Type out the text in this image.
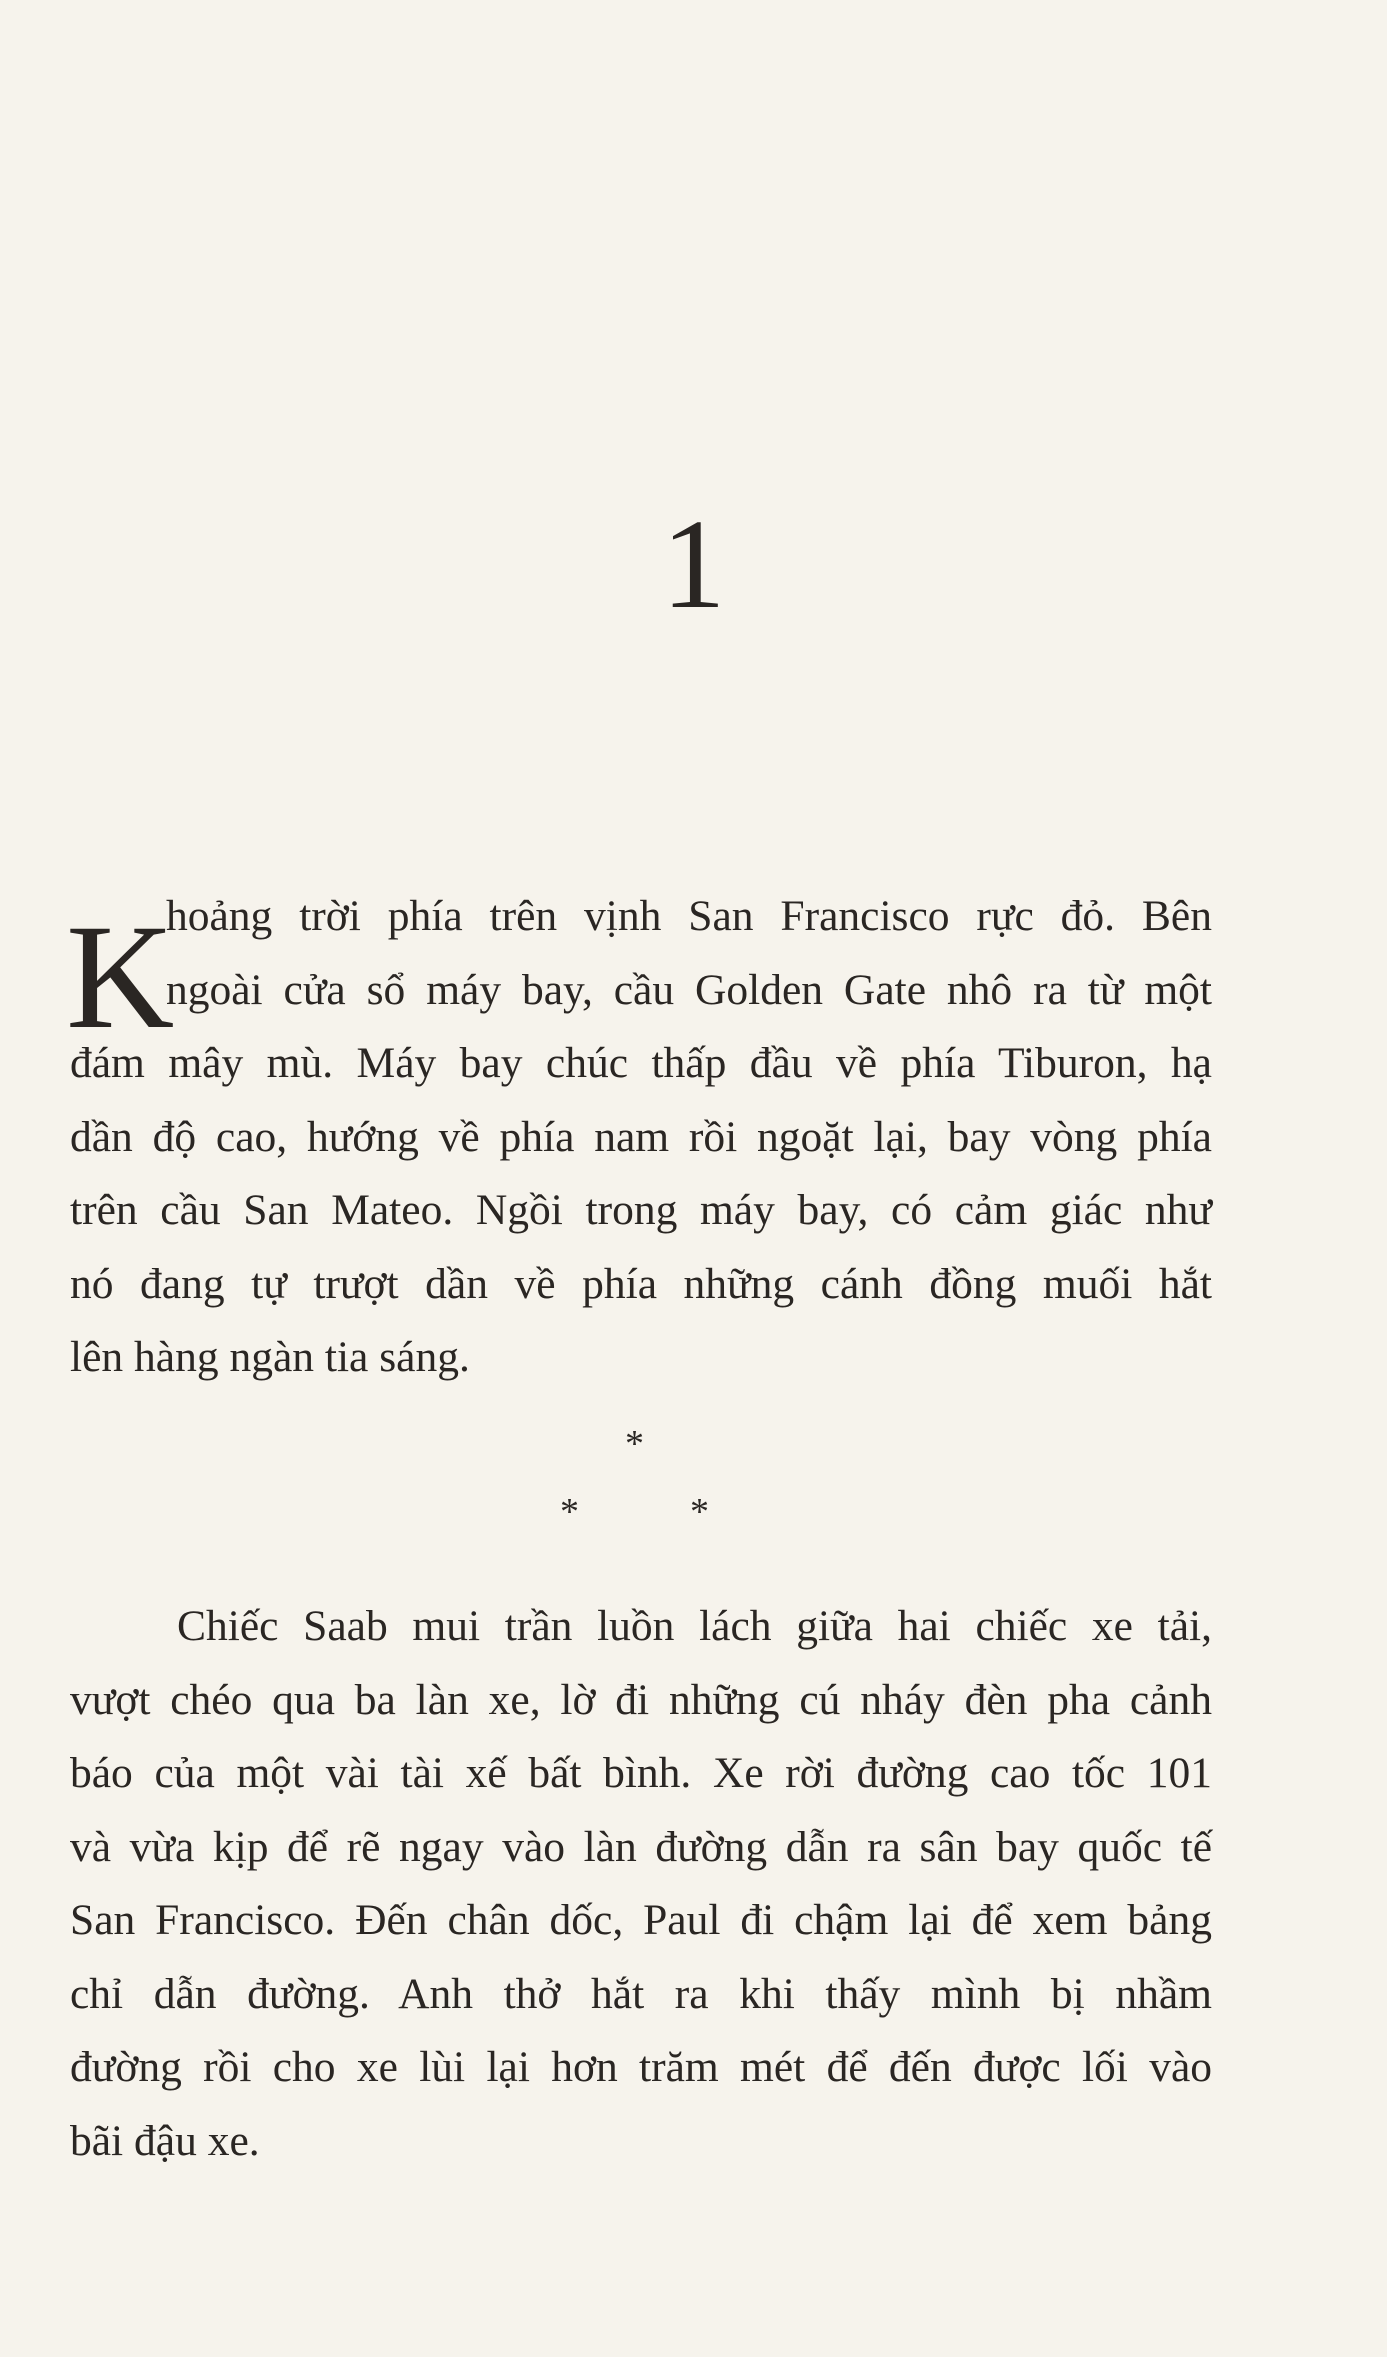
1
K
hoảng trời phía trên vịnh San Francisco rực đỏ. Bên
ngoài cửa sổ máy bay, cầu Golden Gate nhô ra từ một
đám mây mù. Máy bay chúc thấp đầu về phía Tiburon, hạ
dần độ cao, hướng về phía nam rồi ngoặt lại, bay vòng phía
trên cầu San Mateo. Ngồi trong máy bay, có cảm giác như
nó đang tự trượt dần về phía những cánh đồng muối hắt
lên hàng ngàn tia sáng.
*
*	*
Chiếc Saab mui trần luồn lách giữa hai chiếc xe tải,
vượt chéo qua ba làn xe, lờ đi những cú nháy đèn pha cảnh
báo của một vài tài xế bất bình. Xe rời đường cao tốc 101
và vừa kịp để rẽ ngay vào làn đường dẫn ra sân bay quốc tế
San Francisco. Đến chân dốc, Paul đi chậm lại để xem bảng
chỉ dẫn đường. Anh thở hắt ra khi thấy mình bị nhầm
đường rồi cho xe lùi lại hơn trăm mét để đến được lối vào
bãi đậu xe.
